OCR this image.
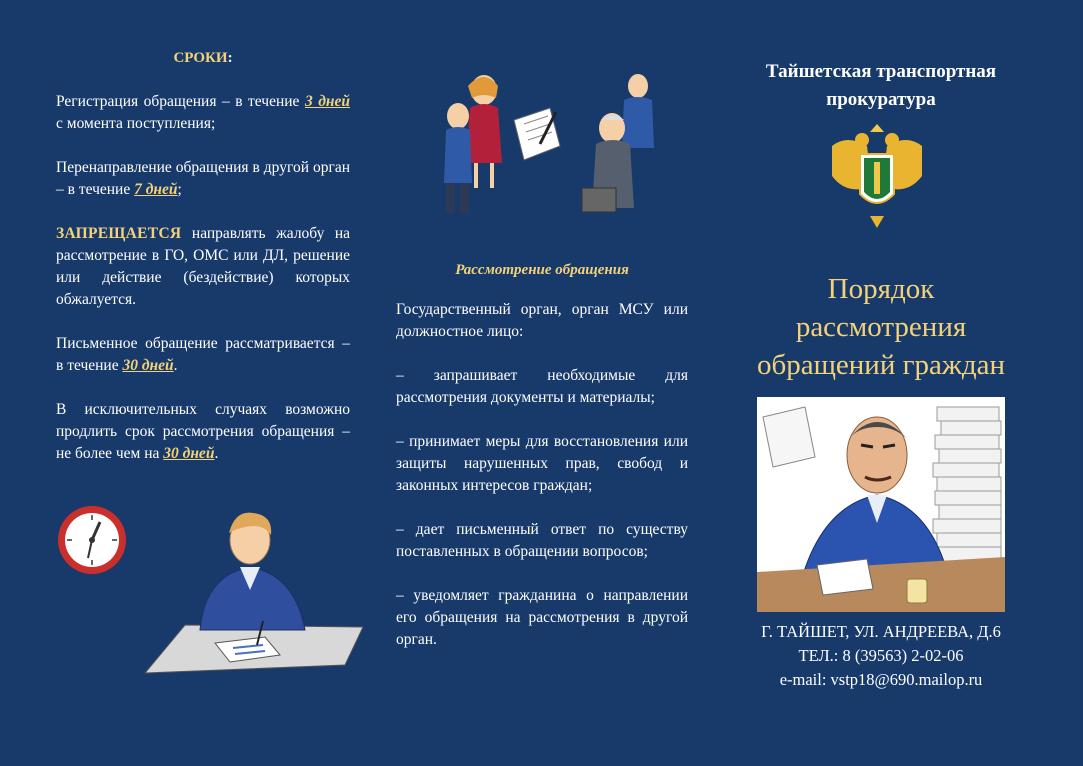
СРОКИ:

Регистрация обращения – в течение 3 дней с момента поступления;

Перенаправление обращения в другой орган – в течение 7 дней;

ЗАПРЕЩАЕТСЯ направлять жалобу на рассмотрение в ГО, ОМС или ДЛ, решение или действие (бездействие) которых обжалуется.

Письменное обращение рассматривается – в течение 30 дней.

В исключительных случаях возможно продлить срок рассмотрения обращения – не более чем на 30 дней.

Рассмотрение обращения

Государственный орган, орган МСУ или должностное лицо:

– запрашивает необходимые для рассмотрения документы и материалы;

– принимает меры для восстановления или защиты нарушенных прав, свобод и законных интересов граждан;

– дает письменный ответ по существу поставленных в обращении вопросов;

– уведомляет гражданина о направлении его обращения на рассмотрения в другой орган.

Тайшетская транспортная

прокуратура

Порядок

рассмотрения

обращений граждан

Г. ТАЙШЕТ, УЛ. АНДРЕЕВА, Д.6

ТЕЛ.: 8 (39563) 2-02-06

e-mail: vstp18@690.mailop.ru
